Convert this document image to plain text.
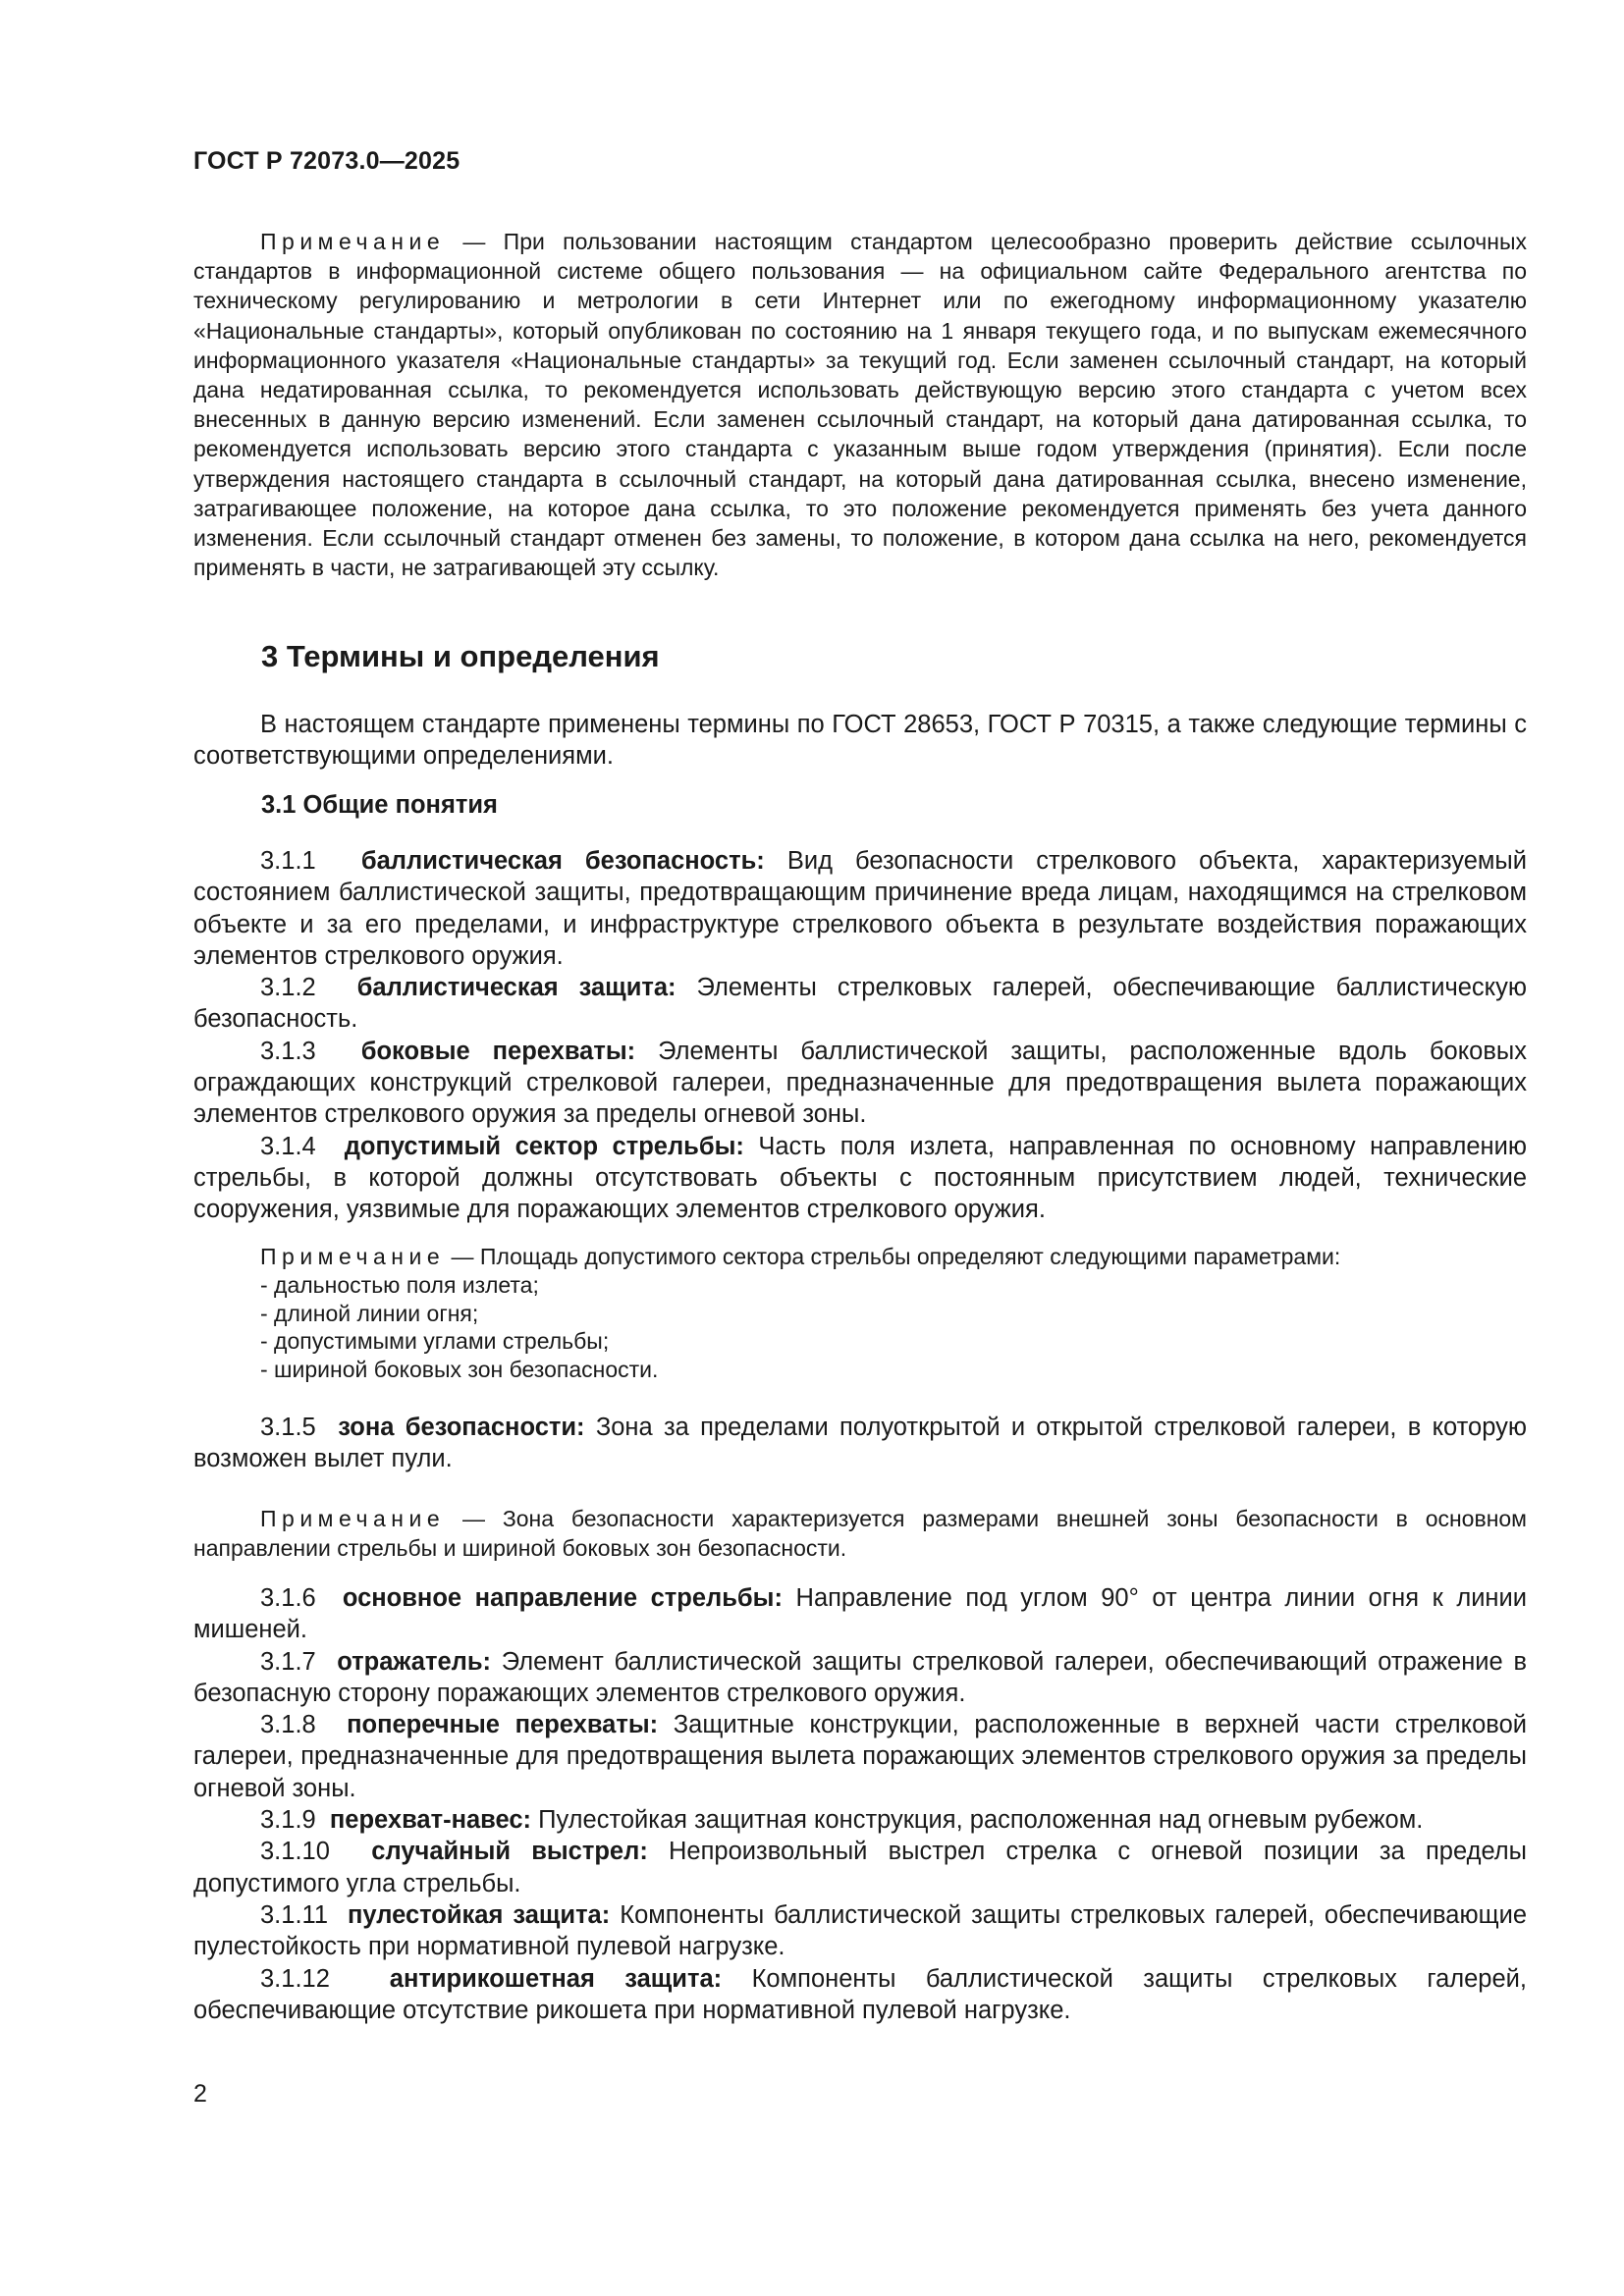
ГОСТ Р 72073.0—2025
Примечание — При пользовании настоящим стандартом целесообразно проверить действие ссылочных стандартов в информационной системе общего пользования — на официальном сайте Федерального агентства по техническому регулированию и метрологии в сети Интернет или по ежегодному информационному указателю «Национальные стандарты», который опубликован по состоянию на 1 января текущего года, и по выпускам ежемесячного информационного указателя «Национальные стандарты» за текущий год. Если заменен ссылочный стандарт, на который дана недатированная ссылка, то рекомендуется использовать действующую версию этого стандарта с учетом всех внесенных в данную версию изменений. Если заменен ссылочный стандарт, на который дана датированная ссылка, то рекомендуется использовать версию этого стандарта с указанным выше годом утверждения (принятия). Если после утверждения настоящего стандарта в ссылочный стандарт, на который дана датированная ссылка, внесено изменение, затрагивающее положение, на которое дана ссылка, то это положение рекомендуется применять без учета данного изменения. Если ссылочный стандарт отменен без замены, то положение, в котором дана ссылка на него, рекомендуется применять в части, не затрагивающей эту ссылку.
3 Термины и определения
В настоящем стандарте применены термины по ГОСТ 28653, ГОСТ Р 70315, а также следующие термины с соответствующими определениями.
3.1 Общие понятия
3.1.1 баллистическая безопасность: Вид безопасности стрелкового объекта, характеризуемый состоянием баллистической защиты, предотвращающим причинение вреда лицам, находящимся на стрелковом объекте и за его пределами, и инфраструктуре стрелкового объекта в результате воздействия поражающих элементов стрелкового оружия.
3.1.2 баллистическая защита: Элементы стрелковых галерей, обеспечивающие баллистическую безопасность.
3.1.3 боковые перехваты: Элементы баллистической защиты, расположенные вдоль боковых ограждающих конструкций стрелковой галереи, предназначенные для предотвращения вылета поражающих элементов стрелкового оружия за пределы огневой зоны.
3.1.4 допустимый сектор стрельбы: Часть поля излета, направленная по основному направлению стрельбы, в которой должны отсутствовать объекты с постоянным присутствием людей, технические сооружения, уязвимые для поражающих элементов стрелкового оружия.
Примечание — Площадь допустимого сектора стрельбы определяют следующими параметрами:
- дальностью поля излета;
- длиной линии огня;
- допустимыми углами стрельбы;
- шириной боковых зон безопасности.
3.1.5 зона безопасности: Зона за пределами полуоткрытой и открытой стрелковой галереи, в которую возможен вылет пули.
Примечание — Зона безопасности характеризуется размерами внешней зоны безопасности в основном направлении стрельбы и шириной боковых зон безопасности.
3.1.6 основное направление стрельбы: Направление под углом 90° от центра линии огня к линии мишеней.
3.1.7 отражатель: Элемент баллистической защиты стрелковой галереи, обеспечивающий отражение в безопасную сторону поражающих элементов стрелкового оружия.
3.1.8 поперечные перехваты: Защитные конструкции, расположенные в верхней части стрелковой галереи, предназначенные для предотвращения вылета поражающих элементов стрелкового оружия за пределы огневой зоны.
3.1.9 перехват-навес: Пулестойкая защитная конструкция, расположенная над огневым рубежом.
3.1.10 случайный выстрел: Непроизвольный выстрел стрелка с огневой позиции за пределы допустимого угла стрельбы.
3.1.11 пулестойкая защита: Компоненты баллистической защиты стрелковых галерей, обеспечивающие пулестойкость при нормативной пулевой нагрузке.
3.1.12 антирикошетная защита: Компоненты баллистической защиты стрелковых галерей, обеспечивающие отсутствие рикошета при нормативной пулевой нагрузке.
2
